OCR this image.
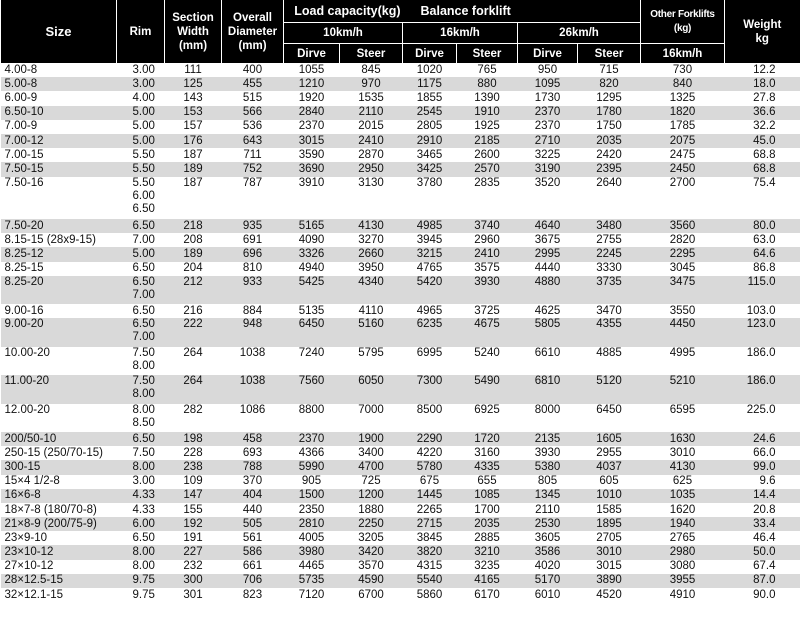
Size	Rim	Section
Width
(mm)	Overall
Diameter
(mm)	Load capacity(kg)		Balance forklift				Other Forklifts
(kg)	Weight
kg
				10km/h		16km/h		26km/h			
				Dirve	Steer	Dirve	Steer	Dirve	Steer	16km/h	
4.00-8	3.00	111	400	1055	845	1020	765	950	715	730	12.2
5.00-8	3.00	125	455	1210	970	1175	880	1095	820	840	18.0
6.00-9	4.00	143	515	1920	1535	1855	1390	1730	1295	1325	27.8
6.50-10	5.00	153	566	2840	2110	2545	1910	2370	1780	1820	36.6
7.00-9	5.00	157	536	2370	2015	2805	1925	2370	1750	1785	32.2
7.00-12	5.00	176	643	3015	2410	2910	2185	2710	2035	2075	45.0
7.00-15	5.50	187	711	3590	2870	3465	2600	3225	2420	2475	68.8
7.50-15	5.50	189	752	3690	2950	3425	2570	3190	2395	2450	68.8
7.50-16	5.50
6.00
6.50	187	787	3910	3130	3780	2835	3520	2640	2700	75.4
7.50-20	6.50	218	935	5165	4130	4985	3740	4640	3480	3560	80.0
8.15-15 (28x9-15)	7.00	208	691	4090	3270	3945	2960	3675	2755	2820	63.0
8.25-12	5.00	189	696	3326	2660	3215	2410	2995	2245	2295	64.6
8.25-15	6.50	204	810	4940	3950	4765	3575	4440	3330	3045	86.8
8.25-20	6.50
7.00	212	933	5425	4340	5420	3930	4880	3735	3475	115.0
9.00-16	6.50	216	884	5135	4110	4965	3725	4625	3470	3550	103.0
9.00-20	6.50
7.00	222	948	6450	5160	6235	4675	5805	4355	4450	123.0
10.00-20	7.50
8.00	264	1038	7240	5795	6995	5240	6610	4885	4995	186.0
11.00-20	7.50
8.00	264	1038	7560	6050	7300	5490	6810	5120	5210	186.0
12.00-20	8.00
8.50	282	1086	8800	7000	8500	6925	8000	6450	6595	225.0
200/50-10	6.50	198	458	2370	1900	2290	1720	2135	1605	1630	24.6
250-15 (250/70-15)	7.50	228	693	4366	3400	4220	3160	3930	2955	3010	66.0
300-15	8.00	238	788	5990	4700	5780	4335	5380	4037	4130	99.0
15×4 1/2-8	3.00	109	370	905	725	675	655	805	605	625	9.6
16×6-8	4.33	147	404	1500	1200	1445	1085	1345	1010	1035	14.4
18×7-8 (180/70-8)	4.33	155	440	2350	1880	2265	1700	2110	1585	1620	20.8
21×8-9 (200/75-9)	6.00	192	505	2810	2250	2715	2035	2530	1895	1940	33.4
23×9-10	6.50	191	561	4005	3205	3845	2885	3605	2705	2765	46.4
23×10-12	8.00	227	586	3980	3420	3820	3210	3586	3010	2980	50.0
27×10-12	8.00	232	661	4465	3570	4315	3235	4020	3015	3080	67.4
28×12.5-15	9.75	300	706	5735	4590	5540	4165	5170	3890	3955	87.0
32×12.1-15	9.75	301	823	7120	6700	5860	6170	6010	4520	4910	90.0
